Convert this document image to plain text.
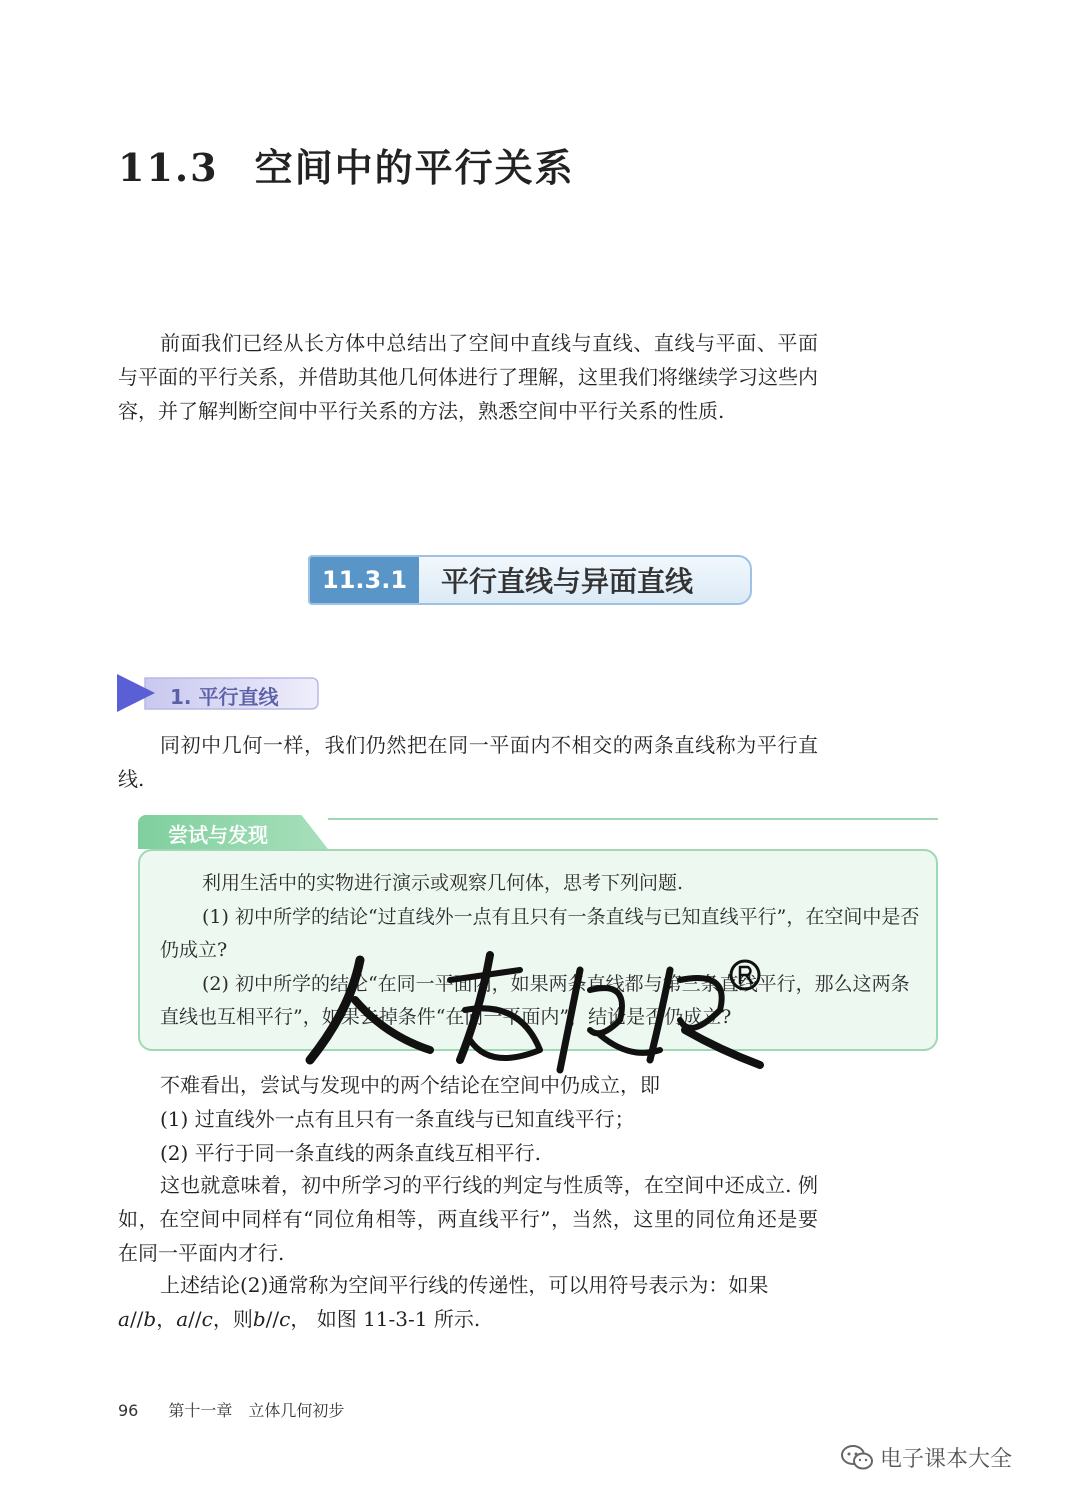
11.3 空间中的平行关系

前面我们已经从长方体中总结出了空间中直线与直线、直线与平面、平面与平面的平行关系，并借助其他几何体进行了理解，这里我们将继续学习这些内容，并了解判断空间中平行关系的方法，熟悉空间中平行关系的性质.

11.3.1	平行直线与异面直线
1. 平行直线

同初中几何一样，我们仍然把在同一平面内不相交的两条直线称为平行直线.

尝试与发现

利用生活中的实物进行演示或观察几何体，思考下列问题.

(1) 初中所学的结论“过直线外一点有且只有一条直线与已知直线平行”，在空间中是否仍成立?

(2) 初中所学的结论“在同一平面内，如果两条直线都与第三条直线平行，那么这两条直线也互相平行”，如果去掉条件“在同一平面内”，结论是否仍成立?

不难看出，尝试与发现中的两个结论在空间中仍成立，即
(1) 过直线外一点有且只有一条直线与已知直线平行；
(2) 平行于同一条直线的两条直线互相平行.

这也就意味着，初中所学习的平行线的判定与性质等，在空间中还成立. 例如，在空间中同样有“同位角相等，两直线平行”，当然，这里的同位角还是要在同一平面内才行.

上述结论(2)通常称为空间平行线的传递性，可以用符号表示为：如果
a//b，a//c，则b//c， 如图 11-3-1 所示.

96 第十一章　立体几何初步
电子课本大全
